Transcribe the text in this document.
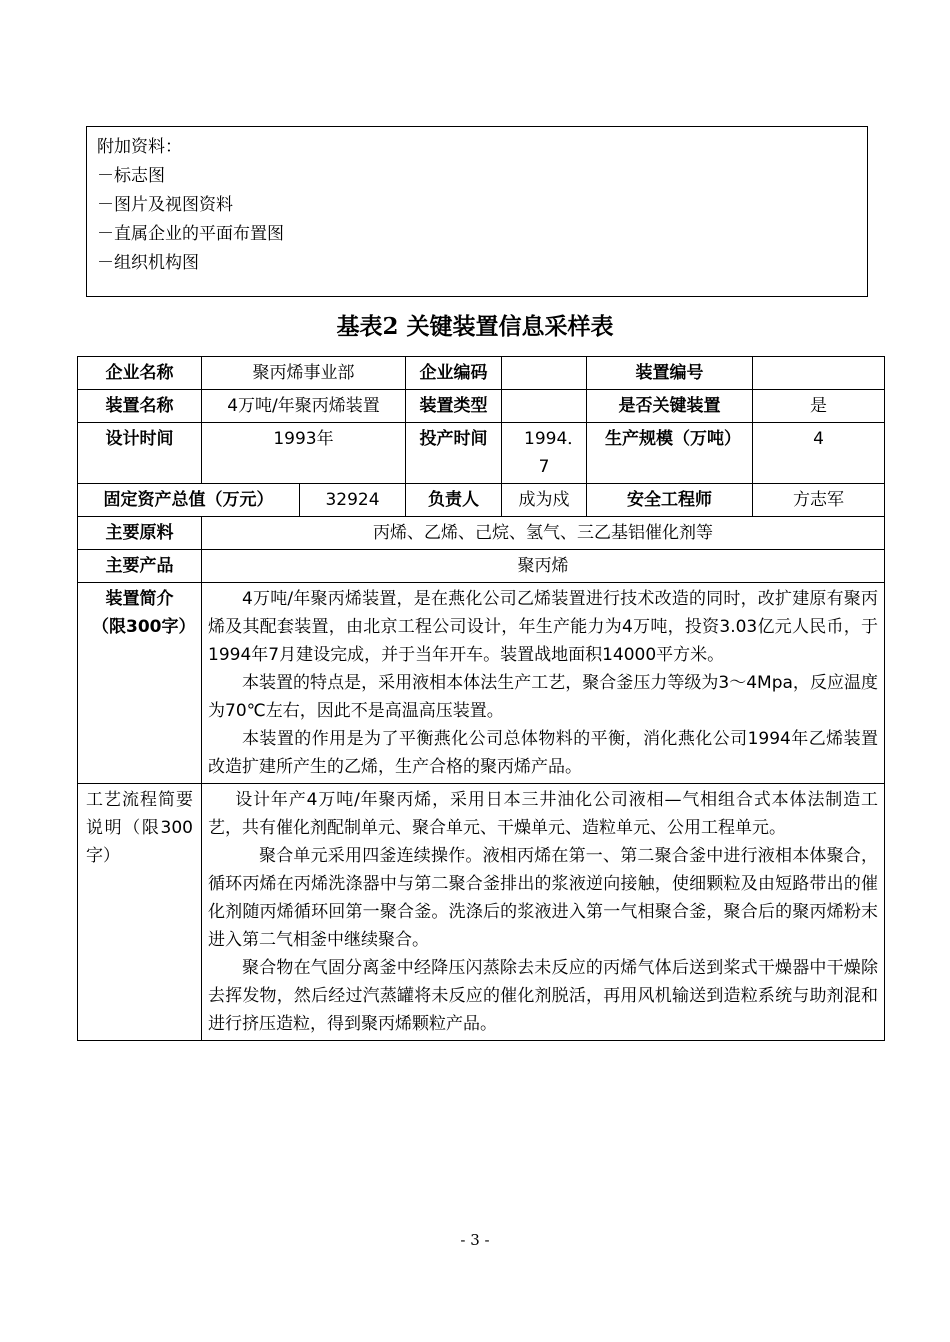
附加资料：
－标志图
－图片及视图资料
－直属企业的平面布置图
－组织机构图
基表2 关键装置信息采样表
企业名称	聚丙烯事业部		企业编码		装置编号	
装置名称	4万吨/年聚丙烯装置		装置类型		是否关键装置	是
设计时间	1993年		投产时间	1994．7	生产规模（万吨）	4
固定资产总值（万元）		32924	负责人	成为戍	安全工程师	方志军
主要原料	丙烯、乙烯、己烷、氢气、三乙基铝催化剂等					
主要产品	聚丙烯					
装置简介（限300字）	4万吨/年聚丙烯装置，是在燕化公司乙烯装置进行技术改造的同时，改扩建原有聚丙烯及其配套装置，由北京工程公司设计，年生产能力为4万吨，投资3.03亿元人民币，于1994年7月建设完成，并于当年开车。装置战地面积14000平方米。
本装置的特点是，采用液相本体法生产工艺，聚合釜压力等级为3～4Mpa，反应温度为70℃左右，因此不是高温高压装置。
本装置的作用是为了平衡燕化公司总体物料的平衡，消化燕化公司1994年乙烯装置改造扩建所产生的乙烯，生产合格的聚丙烯产品。					

工艺流程简要说明（限300字）	设计年产4万吨/年聚丙烯，采用日本三井油化公司液相—气相组合式本体法制造工艺，共有催化剂配制单元、聚合单元、干燥单元、造粒单元、公用工程单元。
聚合单元采用四釜连续操作。液相丙烯在第一、第二聚合釜中进行液相本体聚合，循环丙烯在丙烯洗涤器中与第二聚合釜排出的浆液逆向接触，使细颗粒及由短路带出的催化剂随丙烯循环回第一聚合釜。洗涤后的浆液进入第一气相聚合釜，聚合后的聚丙烯粉末进入第二气相釜中继续聚合。
聚合物在气固分离釜中经降压闪蒸除去未反应的丙烯气体后送到桨式干燥器中干燥除去挥发物，然后经过汽蒸罐将未反应的催化剂脱活，再用风机输送到造粒系统与助剂混和进行挤压造粒，得到聚丙烯颗粒产品。					
- 3 -
